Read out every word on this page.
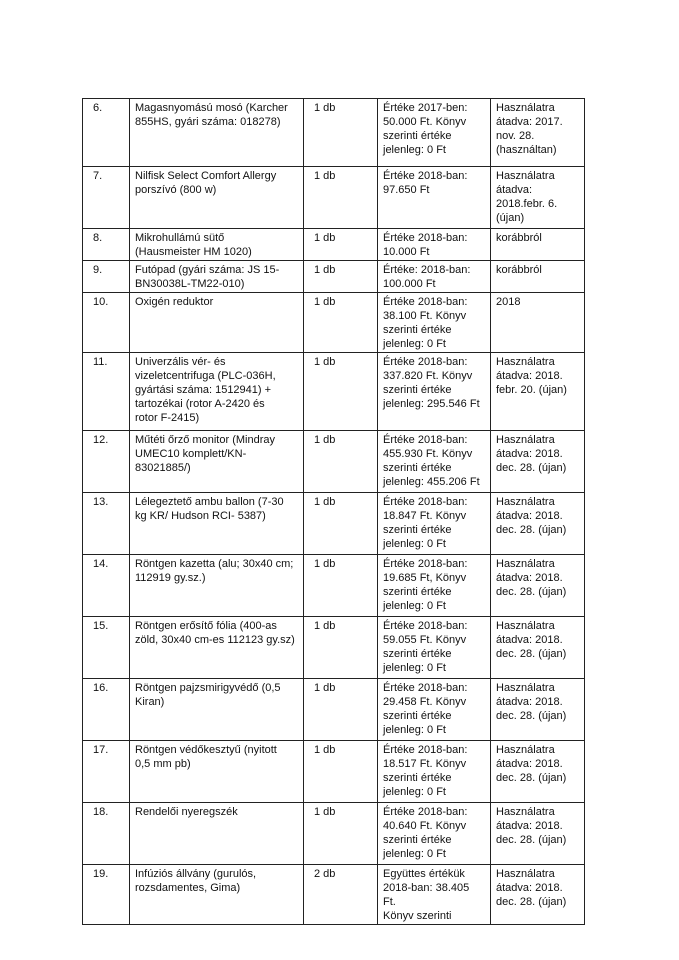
6.	Magasnyomású mosó (Karcher
855HS, gyári száma: 018278)	1 db	Értéke 2017-ben:
50.000 Ft. Könyv
szerinti értéke
jelenleg: 0 Ft	Használatra
átadva: 2017.
nov. 28.
(használtan)
7.	Nilfisk Select Comfort Allergy
porszívó (800 w)	1 db	Értéke 2018-ban:
97.650 Ft	Használatra
átadva:
2018.febr. 6.
(újan)
8.	Mikrohullámú sütő
(Hausmeister HM 1020)	1 db	Értéke 2018-ban:
10.000 Ft	korábbról
9.	Futópad (gyári száma: JS 15-
BN30038L-TM22-010)	1 db	Értéke: 2018-ban:
100.000 Ft	korábbról
10.	Oxigén reduktor	1 db	Értéke 2018-ban:
38.100 Ft. Könyv
szerinti értéke
jelenleg: 0 Ft	2018
11.	Univerzális vér- és
vizeletcentrifuga (PLC-036H,
gyártási száma: 1512941) +
tartozékai (rotor A-2420 és
rotor F-2415)	1 db	Értéke 2018-ban:
337.820 Ft. Könyv
szerinti értéke
jelenleg: 295.546 Ft	Használatra
átadva: 2018.
febr. 20. (újan)
12.	Műtéti őrző monitor (Mindray
UMEC10 komplett/KN-
83021885/)	1 db	Értéke 2018-ban:
455.930 Ft. Könyv
szerinti értéke
jelenleg: 455.206 Ft	Használatra
átadva: 2018.
dec. 28. (újan)
13.	Lélegeztető ambu ballon (7-30
kg KR/ Hudson RCI- 5387)	1 db	Értéke 2018-ban:
18.847 Ft. Könyv
szerinti értéke
jelenleg: 0 Ft	Használatra
átadva: 2018.
dec. 28. (újan)
14.	Röntgen kazetta (alu; 30x40 cm;
112919 gy.sz.)	1 db	Értéke 2018-ban:
19.685 Ft, Könyv
szerinti értéke
jelenleg: 0 Ft	Használatra
átadva: 2018.
dec. 28. (újan)
15.	Röntgen erősítő fólia (400-as
zöld, 30x40 cm-es 112123 gy.sz)	1 db	Értéke 2018-ban:
59.055 Ft. Könyv
szerinti értéke
jelenleg: 0 Ft	Használatra
átadva: 2018.
dec. 28. (újan)
16.	Röntgen pajzsmirigyvédő (0,5
Kiran)	1 db	Értéke 2018-ban:
29.458 Ft. Könyv
szerinti értéke
jelenleg: 0 Ft	Használatra
átadva: 2018.
dec. 28. (újan)
17.	Röntgen védőkesztyű (nyitott
0,5 mm pb)	1 db	Értéke 2018-ban:
18.517 Ft. Könyv
szerinti értéke
jelenleg: 0 Ft	Használatra
átadva: 2018.
dec. 28. (újan)
18.	Rendelői nyeregszék	1 db	Értéke 2018-ban:
40.640 Ft. Könyv
szerinti értéke
jelenleg: 0 Ft	Használatra
átadva: 2018.
dec. 28. (újan)
19.	Infúziós állvány (gurulós,
rozsdamentes, Gima)	2 db	Együttes értékük
2018-ban: 38.405 Ft.
Könyv szerinti	Használatra
átadva: 2018.
dec. 28. (újan)
